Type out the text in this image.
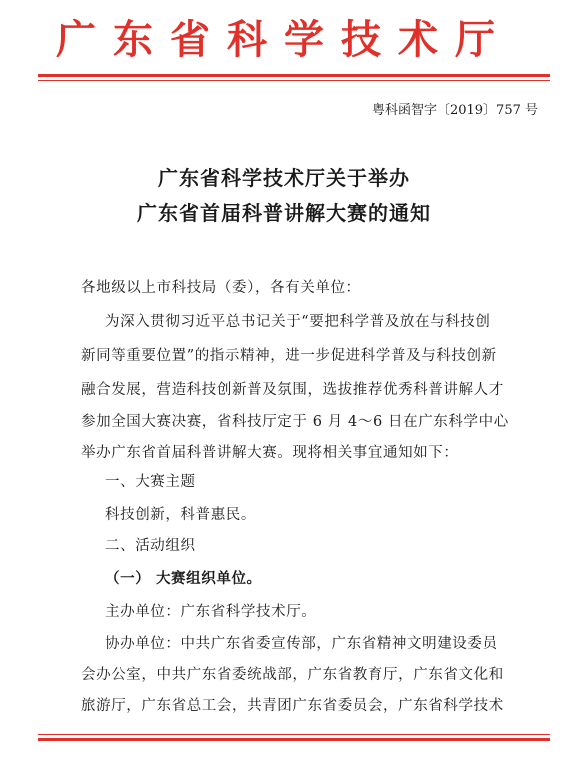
广东省科学技术厅
粤科函智字〔2019〕757 号
广东省科学技术厅关于举办
广东省首届科普讲解大赛的通知
各地级以上市科技局（委），各有关单位：
为深入贯彻习近平总书记关于“要把科学普及放在与科技创
新同等重要位置”的指示精神，进一步促进科学普及与科技创新
融合发展，营造科技创新普及氛围，选拔推荐优秀科普讲解人才
参加全国大赛决赛，省科技厅定于 6 月 4～6 日在广东科学中心
举办广东省首届科普讲解大赛。现将相关事宜通知如下：
一、大赛主题
科技创新，科普惠民。
二、活动组织
（一） 大赛组织单位。
主办单位：广东省科学技术厅。
协办单位：中共广东省委宣传部，广东省精神文明建设委员
会办公室，中共广东省委统战部，广东省教育厅，广东省文化和
旅游厅，广东省总工会，共青团广东省委员会，广东省科学技术
